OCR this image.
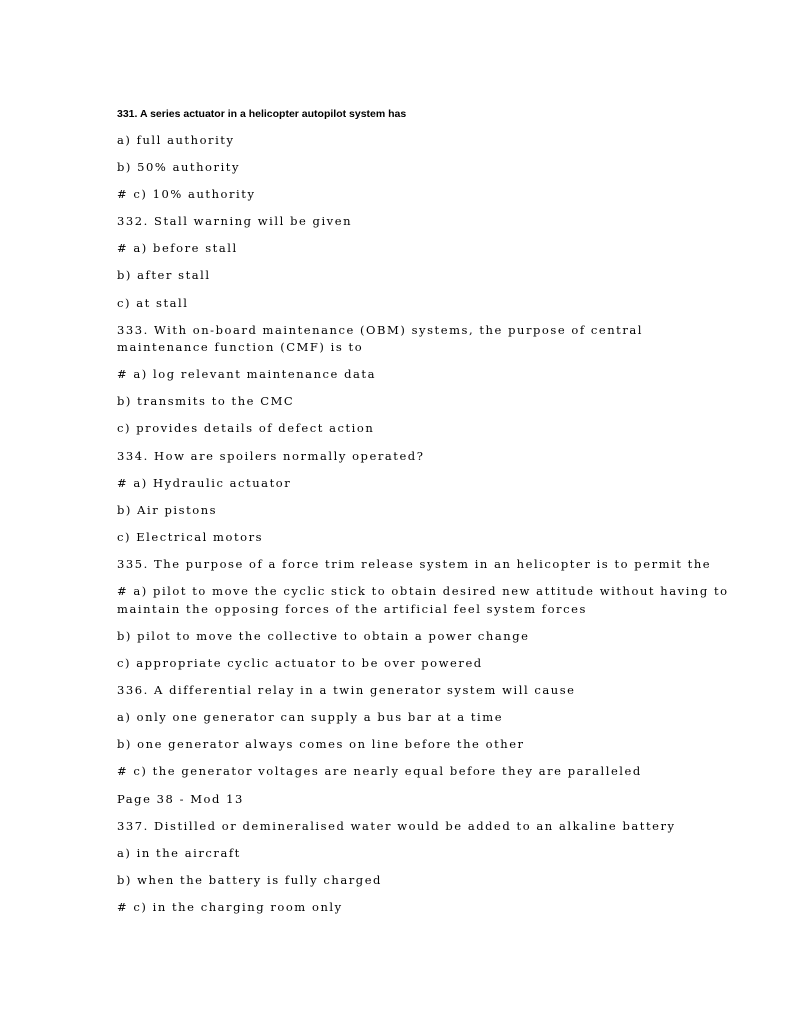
331. A series actuator in a helicopter autopilot system has

a) full authority

b) 50% authority

# c) 10% authority

332. Stall warning will be given

# a) before stall

b) after stall

c) at stall

333. With on-board maintenance (OBM) systems, the purpose of central

maintenance function (CMF) is to

# a) log relevant maintenance data

b) transmits to the CMC

c) provides details of defect action

334. How are spoilers normally operated?

# a) Hydraulic actuator

b) Air pistons

c) Electrical motors

335. The purpose of a force trim release system in an helicopter is to permit the

# a) pilot to move the cyclic stick to obtain desired new attitude without having to

maintain the opposing forces of the artificial feel system forces

b) pilot to move the collective to obtain a power change

c) appropriate cyclic actuator to be over powered

336. A differential relay in a twin generator system will cause

a) only one generator can supply a bus bar at a time

b) one generator always comes on line before the other

# c) the generator voltages are nearly equal before they are paralleled

Page 38 - Mod 13

337. Distilled or demineralised water would be added to an alkaline battery

a) in the aircraft

b) when the battery is fully charged

# c) in the charging room only
